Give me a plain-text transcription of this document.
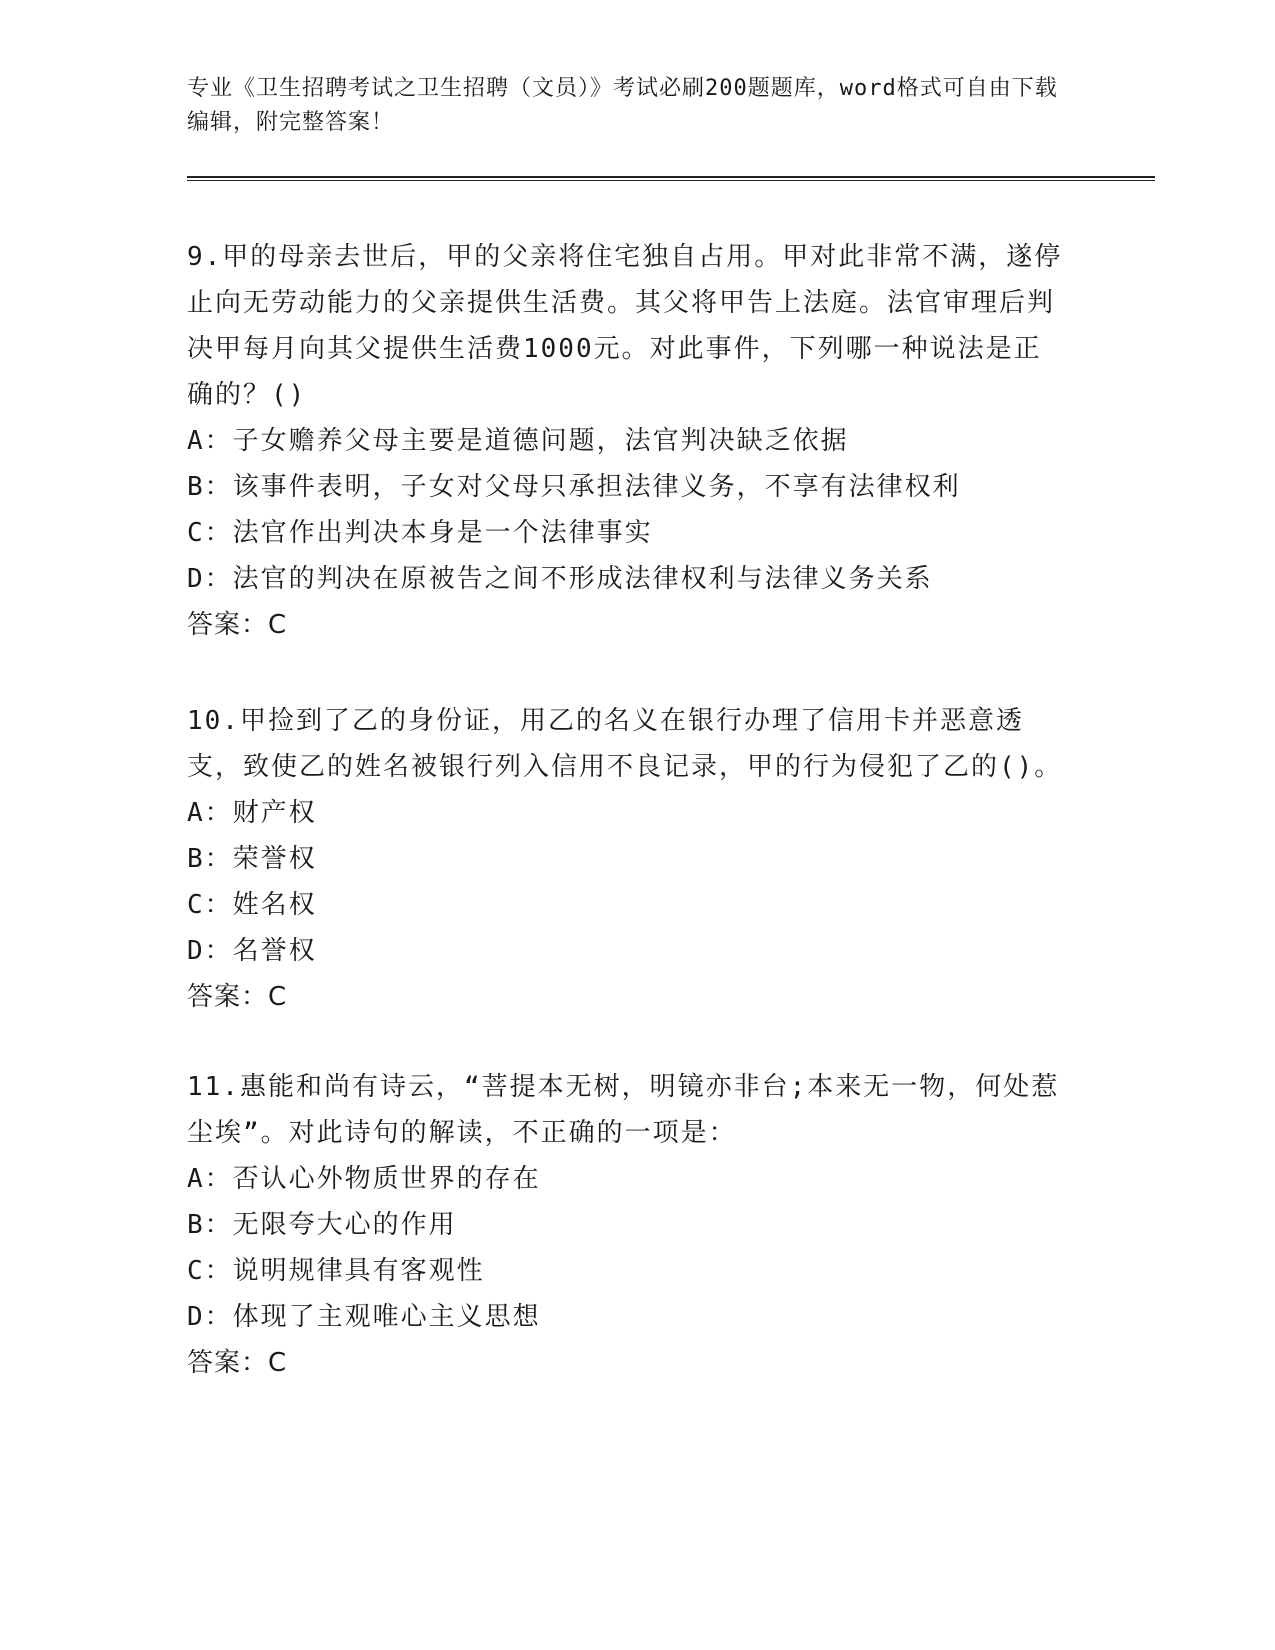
专业《卫生招聘考试之卫生招聘（文员）》考试必刷200题题库，word格式可自由下载编辑，附完整答案！

9.甲的母亲去世后，甲的父亲将住宅独自占用。甲对此非常不满，遂停止向无劳动能力的父亲提供生活费。其父将甲告上法庭。法官审理后判决甲每月向其父提供生活费1000元。对此事件，下列哪一种说法是正确的？()

A：子女赡养父母主要是道德问题，法官判决缺乏依据

B：该事件表明，子女对父母只承担法律义务，不享有法律权利

C：法官作出判决本身是一个法律事实

D：法官的判决在原被告之间不形成法律权利与法律义务关系

答案：C

10.甲捡到了乙的身份证，用乙的名义在银行办理了信用卡并恶意透支，致使乙的姓名被银行列入信用不良记录，甲的行为侵犯了乙的()。

A：财产权

B：荣誉权

C：姓名权

D：名誉权

答案：C

11.惠能和尚有诗云，“菩提本无树，明镜亦非台;本来无一物，何处惹尘埃”。对此诗句的解读，不正确的一项是：

A：否认心外物质世界的存在

B：无限夸大心的作用

C：说明规律具有客观性

D：体现了主观唯心主义思想

答案：C
